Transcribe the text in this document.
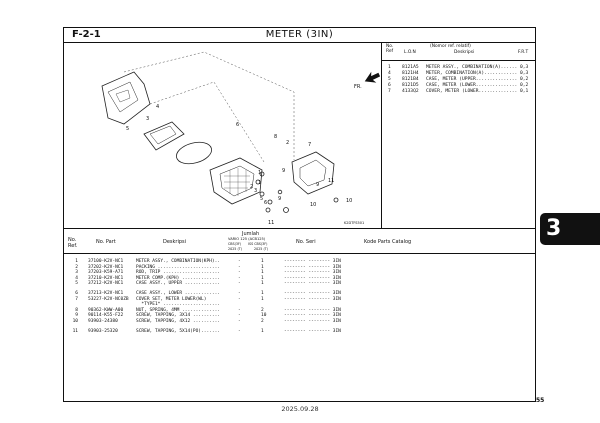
F-2-1	METER (3IN)
FR.
K2DTFS501
1
2
3
4
5
6
7
8
9
10
11
1
2
3
5
6
9
9
10
11
No.
Ref L.O.N
(Nomor ref. relatif)
Deskripsi	F.R.T
1 8121A5 METER ASSY., COMBINATION(A)...... 0,3
4 8121H4 METER, COMBINATION(A)............ 0,3
5 8121B4 CASE, METER (UPPER............... 0,2
6 8121D5 CASE, METER (LOWER............... 0,2
7 4133Q2 COVER, METER (LOWER.............. 0,1
No.
Ref.
No. Part	Deskripsi
Jumlah
VARIO 125 (ACB125)
CBS(3F) ISS CBS(3F)
2025 (T)	2025 (T)
No. Seri	Kode Parts Catalog
1 37100-K2V-NC1	METER ASSY., COMBINATION(KPH)..	-	1	-------- -------- 3IN
2 37202-K2V-NC1	PACKING .......................	-	1	-------- -------- 3IN
3 37203-K59-A71	ROD, TRIP .....................	-	1	-------- -------- 3IN
4 37210-K2V-NC1	METER COMP.(KPH) ..............	-	1	-------- -------- 3IN
5 37212-K2V-NC1	CASE ASSY., UPPER .............	-	1	-------- -------- 3IN
6 37213-K2V-NC1	CASE ASSY., LOWER .............	-	1	-------- -------- 3IN
7 53227-K2V-NC0ZB COVER SET, METER LOWER(WL)	-	1	-------- -------- 3IN
*TYPE1* .....................
8 90362-KWW-A00	NUT, SPRING, 4MM ..............	-	2	-------- -------- 3IN
9 90114-K55-F22	SCREW, TAPPING, 3X14 ..........	-	10	-------- -------- 3IN
10 93903-24380	SCREW, TAPPING, 4X12 ..........	-	2	-------- -------- 3IN
11 93903-25320	SCREW, TAPPING, 5X14(PO).......	-	1	-------- -------- 3IN
3
55
2025.09.28
